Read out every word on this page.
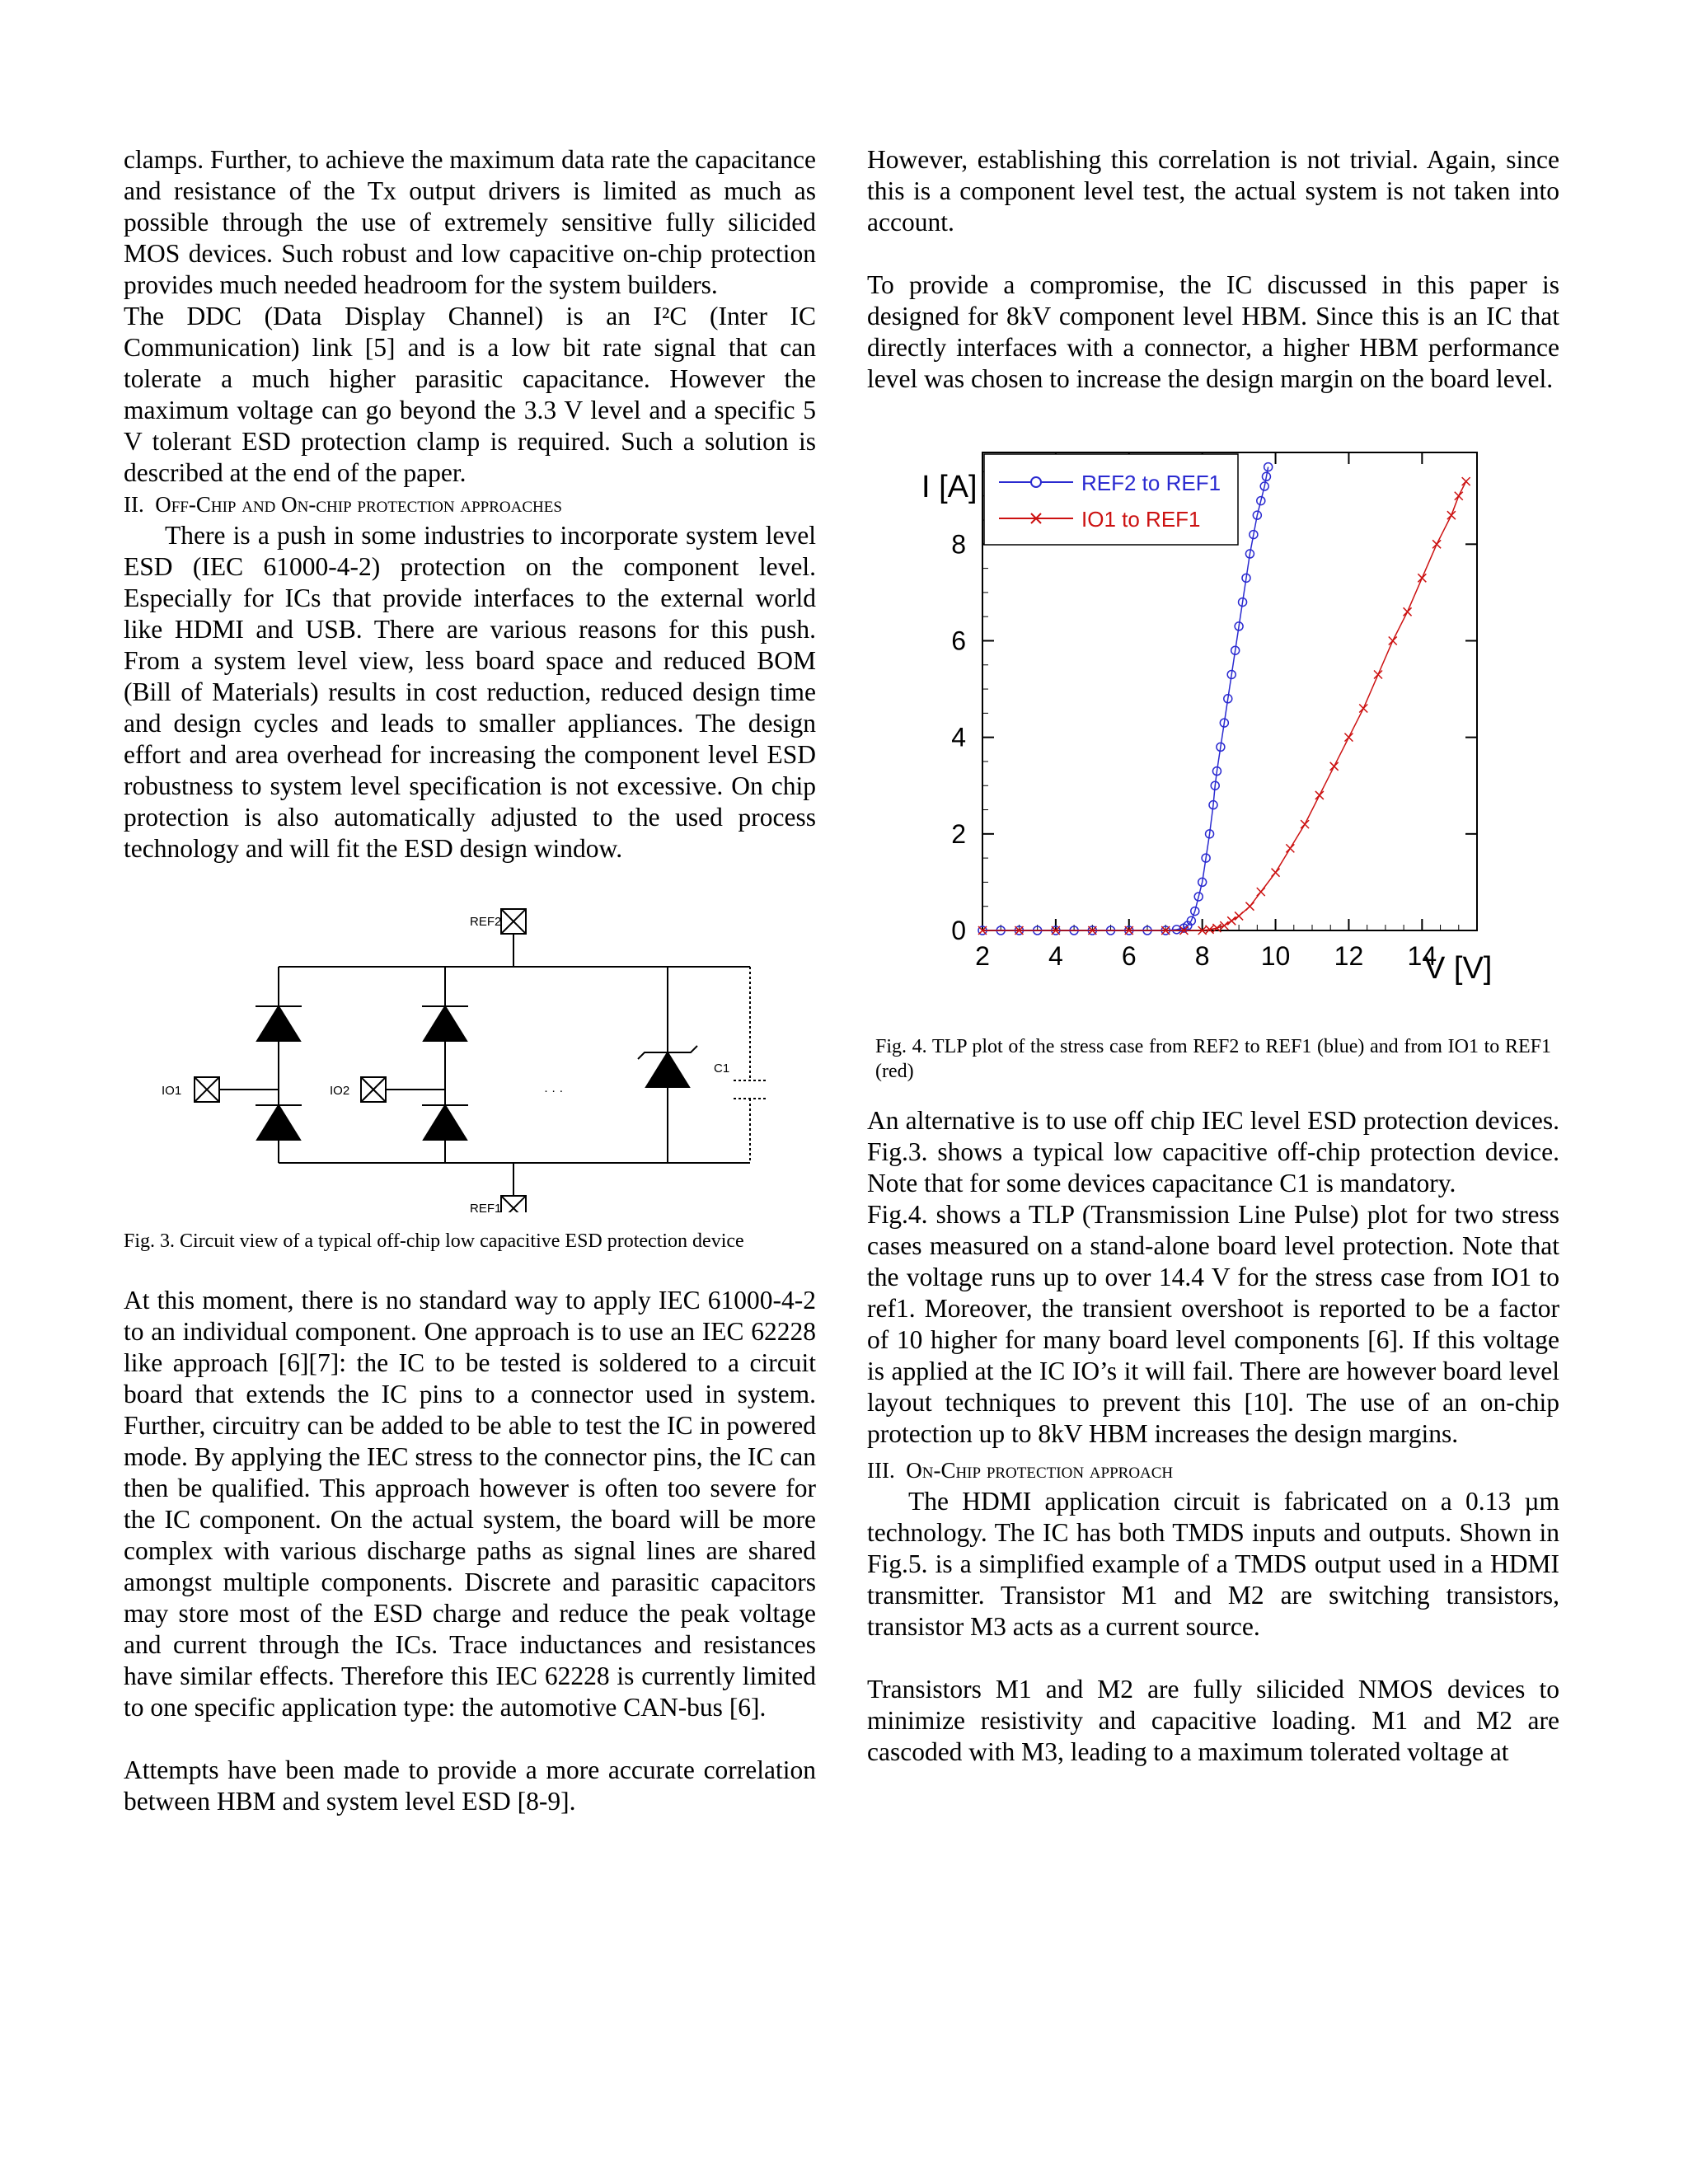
clamps. Further, to achieve the maximum data rate the capacitance and resistance of the Tx output drivers is limited as much as possible through the use of extremely sensitive fully silicided MOS devices. Such robust and low capacitive on-chip protection provides much needed headroom for the system builders.

The DDC (Data Display Channel) is an I²C (Inter IC Communication) link [5] and is a low bit rate signal that can tolerate a much higher parasitic capacitance. However the maximum voltage can go beyond the 3.3 V level and a specific 5 V tolerant ESD protection clamp is required. Such a solution is described at the end of the paper.

II. Off-Chip and On-chip protection approaches

There is a push in some industries to incorporate system level ESD (IEC 61000-4-2) protection on the component level. Especially for ICs that provide interfaces to the external world like HDMI and USB. There are various reasons for this push. From a system level view, less board space and reduced BOM (Bill of Materials) results in cost reduction, reduced design time and design cycles and leads to smaller appliances. The design effort and area overhead for increasing the component level ESD robustness to system level specification is not excessive. On chip protection is also automatically adjusted to the used process technology and will fit the ESD design window.

REF2
REF1
IO1	IO2
C1
· · ·

Fig. 3. Circuit view of a typical off-chip low capacitive ESD protection device

At this moment, there is no standard way to apply IEC 61000-4-2 to an individual component. One approach is to use an IEC 62228 like approach [6][7]: the IC to be tested is soldered to a circuit board that extends the IC pins to a connector used in system. Further, circuitry can be added to be able to test the IC in powered mode. By applying the IEC stress to the connector pins, the IC can then be qualified. This approach however is often too severe for the IC component. On the actual system, the board will be more complex with various discharge paths as signal lines are shared amongst multiple components. Discrete and parasitic capacitors may store most of the ESD charge and reduce the peak voltage and current through the ICs. Trace inductances and resistances have similar effects. Therefore this IEC 62228 is currently limited to one specific application type: the automotive CAN-bus [6].

Attempts have been made to provide a more accurate correlation between HBM and system level ESD [8-9].

However, establishing this correlation is not trivial. Again, since this is a component level test, the actual system is not taken into account.

To provide a compromise, the IC discussed in this paper is designed for 8kV component level HBM. Since this is an IC that directly interfaces with a connector, a higher HBM performance level was chosen to increase the design margin on the board level.

2 4 6 8 10 12 14
0
2
4
6
8
REF2 to REF1
IO1 to REF1
I [A]
V [V]

Fig. 4. TLP plot of the stress case from REF2 to REF1 (blue) and from IO1 to REF1 (red)

An alternative is to use off chip IEC level ESD protection devices. Fig.3. shows a typical low capacitive off-chip protection device. Note that for some devices capacitance C1 is mandatory.

Fig.4. shows a TLP (Transmission Line Pulse) plot for two stress cases measured on a stand-alone board level protection. Note that the voltage runs up to over 14.4 V for the stress case from IO1 to ref1. Moreover, the transient overshoot is reported to be a factor of 10 higher for many board level components [6]. If this voltage is applied at the IC IO’s it will fail. There are however board level layout techniques to prevent this [10]. The use of an on-chip protection up to 8kV HBM increases the design margins.

III. On-Chip protection approach

The HDMI application circuit is fabricated on a 0.13 µm technology. The IC has both TMDS inputs and outputs. Shown in Fig.5. is a simplified example of a TMDS output used in a HDMI transmitter. Transistor M1 and M2 are switching transistors, transistor M3 acts as a current source.

Transistors M1 and M2 are fully silicided NMOS devices to minimize resistivity and capacitive loading. M1 and M2 are cascoded with M3, leading to a maximum tolerated voltage at
